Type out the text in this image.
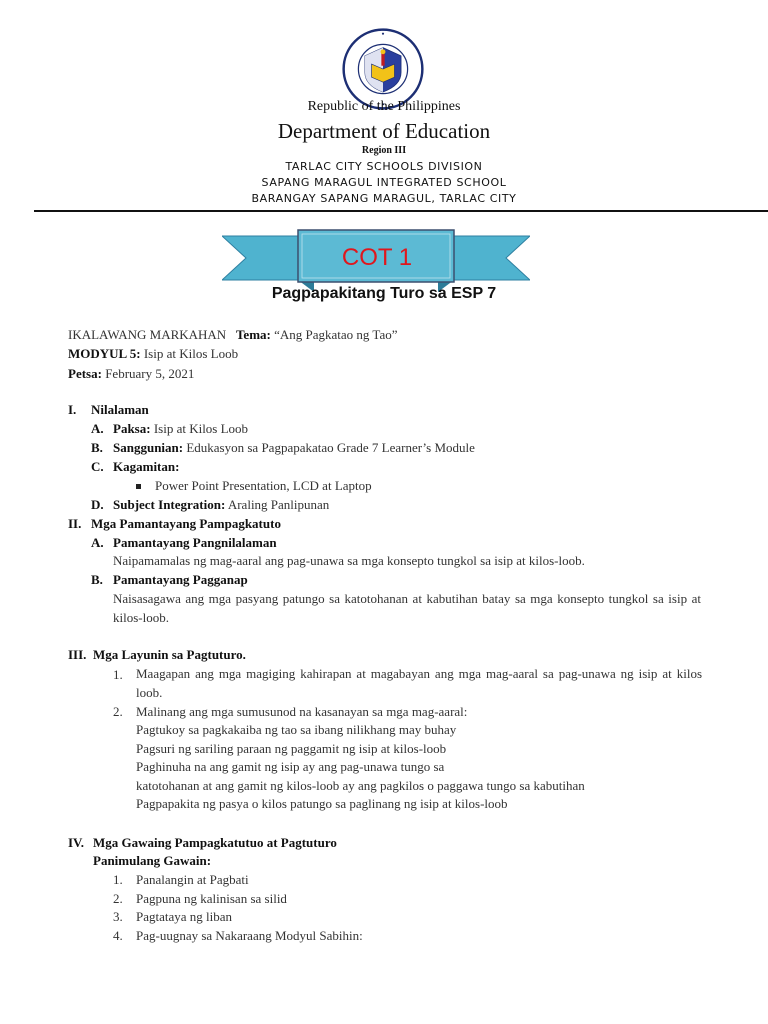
Republic of the Philippines
Department of Education
Region III
TARLAC CITY SCHOOLS DIVISION
SAPANG MARAGUL INTEGRATED SCHOOL
BARANGAY SAPANG MARAGUL, TARLAC CITY
COT 1
Pagpapakitang Turo sa ESP 7
IKALAWANG MARKAHAN Tema: “Ang Pagkatao ng Tao”
MODYUL 5: Isip at Kilos Loob
Petsa: February 5, 2021
I. Nilalaman
A. Paksa: Isip at Kilos Loob
B. Sanggunian: Edukasyon sa Pagpapakatao Grade 7 Learner’s Module
C. Kagamitan:
Power Point Presentation, LCD at Laptop
D. Subject Integration: Araling Panlipunan
II. Mga Pamantayang Pampagkatuto
A. Pamantayang Pangnilalaman
Naipamamalas ng mag-aaral ang pag-unawa sa mga konsepto tungkol sa isip at kilos-loob.
B. Pamantayang Pagganap
Naisasagawa ang mga pasyang patungo sa katotohanan at kabutihan batay sa mga konsepto tungkol sa isip at kilos-loob.
III. Mga Layunin sa Pagtuturo.
1. Maagapan ang mga magiging kahirapan at magabayan ang mga mag-aaral sa pag-unawa ng isip at kilos loob.
2. Malinang ang mga sumusunod na kasanayan sa mga mag-aaral:
Pagtukoy sa pagkakaiba ng tao sa ibang nilikhang may buhay
Pagsuri ng sariling paraan ng paggamit ng isip at kilos-loob
Paghinuha na ang gamit ng isip ay ang pag-unawa tungo sa
katotohanan at ang gamit ng kilos-loob ay ang pagkilos o paggawa tungo sa kabutihan
Pagpapakita ng pasya o kilos patungo sa paglinang ng isip at kilos-loob
IV. Mga Gawaing Pampagkatutuo at Pagtuturo
Panimulang Gawain:
1. Panalangin at Pagbati
2. Pagpuna ng kalinisan sa silid
3. Pagtataya ng liban
4. Pag-uugnay sa Nakaraang Modyul Sabihin:
